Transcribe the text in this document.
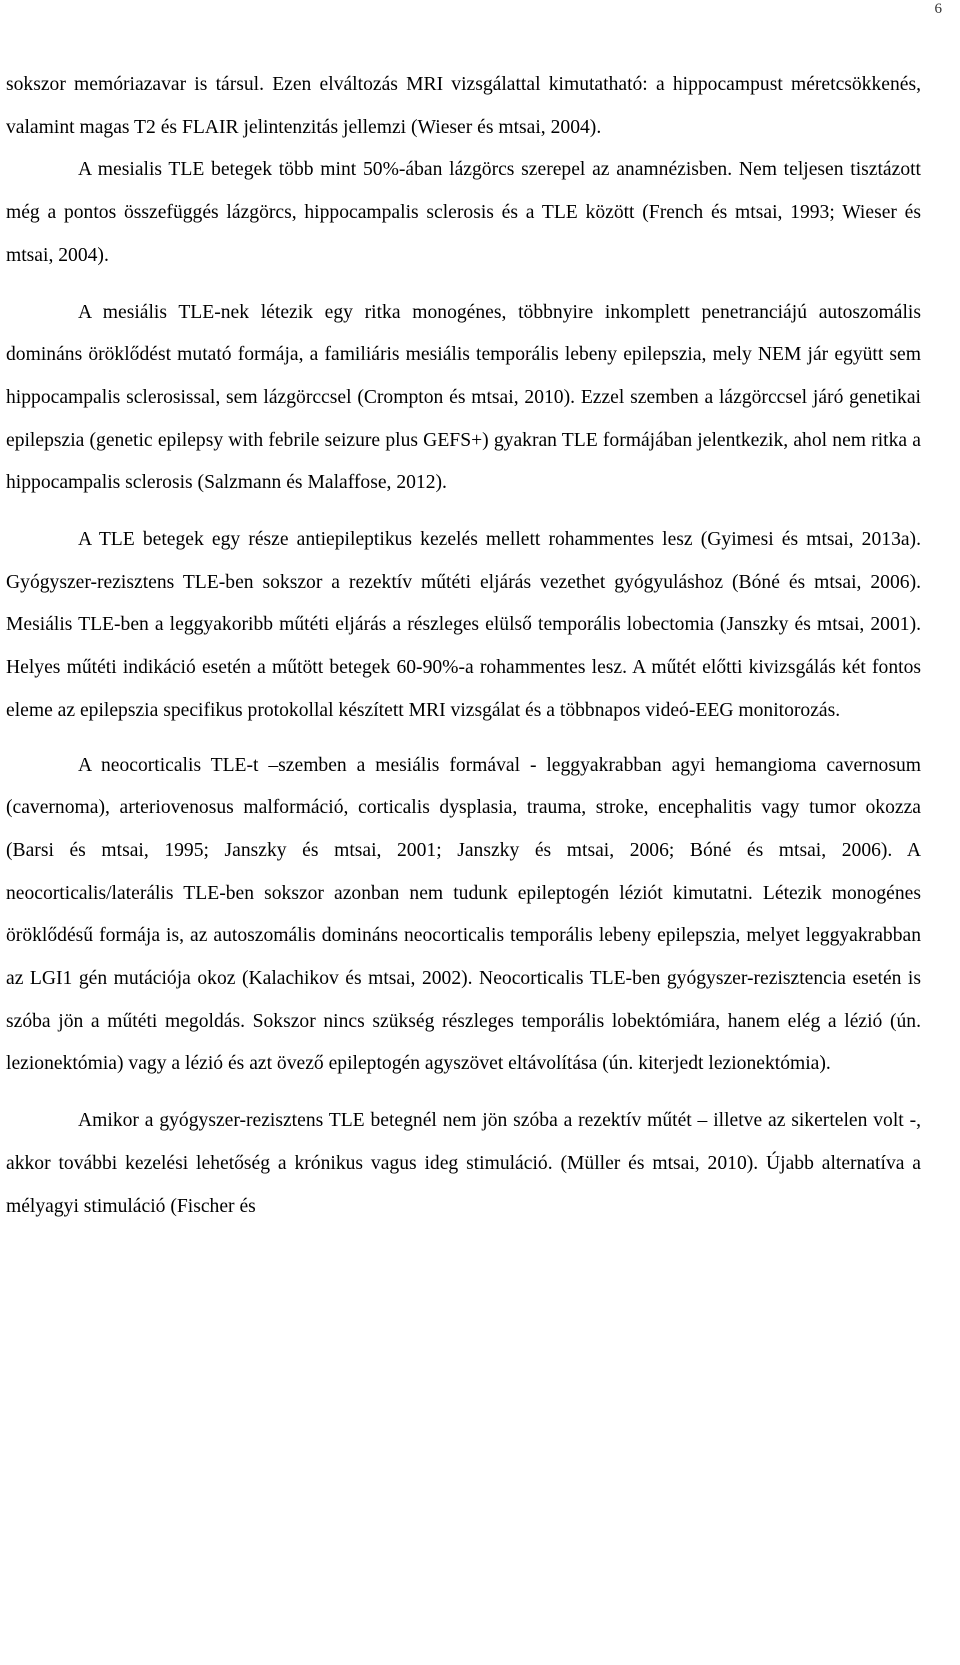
6

sokszor memóriazavar is társul. Ezen elváltozás MRI vizsgálattal kimutatható: a hippocampust méretcsökkenés, valamint magas T2 és FLAIR jelintenzitás jellemzi (Wieser és mtsai, 2004).

A mesialis TLE betegek több mint 50%-ában lázgörcs szerepel az anamnézisben. Nem teljesen tisztázott még a pontos összefüggés lázgörcs, hippocampalis sclerosis és a TLE között (French és mtsai, 1993; Wieser és mtsai, 2004).

A mesiális TLE-nek létezik egy ritka monogénes, többnyire inkomplett penetranciájú autoszomális domináns öröklődést mutató formája, a familiáris mesiális temporális lebeny epilepszia, mely NEM jár együtt sem hippocampalis sclerosissal, sem lázgörccsel (Crompton és mtsai, 2010). Ezzel szemben a lázgörccsel járó genetikai epilepszia (genetic epilepsy with febrile seizure plus GEFS+) gyakran TLE formájában jelentkezik, ahol nem ritka a hippocampalis sclerosis (Salzmann és Malaffose, 2012).

A TLE betegek egy része antiepileptikus kezelés mellett rohammentes lesz (Gyimesi és mtsai, 2013a). Gyógyszer-rezisztens TLE-ben sokszor a rezektív műtéti eljárás vezethet gyógyuláshoz (Bóné és mtsai, 2006). Mesiális TLE-ben a leggyakoribb műtéti eljárás a részleges elülső temporális lobectomia (Janszky és mtsai, 2001). Helyes műtéti indikáció esetén a műtött betegek 60-90%-a rohammentes lesz. A műtét előtti kivizsgálás két fontos eleme az epilepszia specifikus protokollal készített MRI vizsgálat és a többnapos videó-EEG monitorozás.

A neocorticalis TLE-t –szemben a mesiális formával - leggyakrabban agyi hemangioma cavernosum (cavernoma), arteriovenosus malformáció, corticalis dysplasia, trauma, stroke, encephalitis vagy tumor okozza (Barsi és mtsai, 1995; Janszky és mtsai, 2001; Janszky és mtsai, 2006; Bóné és mtsai, 2006). A neocorticalis/laterális TLE-ben sokszor azonban nem tudunk epileptogén léziót kimutatni. Létezik monogénes öröklődésű formája is, az autoszomális domináns neocorticalis temporális lebeny epilepszia, melyet leggyakrabban az LGI1 gén mutációja okoz (Kalachikov és mtsai, 2002). Neocorticalis TLE-ben gyógyszer-rezisztencia esetén is szóba jön a műtéti megoldás. Sokszor nincs szükség részleges temporális lobektómiára, hanem elég a lézió (ún. lezionektómia) vagy a lézió és azt övező epileptogén agyszövet eltávolítása (ún. kiterjedt lezionektómia).

Amikor a gyógyszer-rezisztens TLE betegnél nem jön szóba a rezektív műtét – illetve az sikertelen volt -, akkor további kezelési lehetőség a krónikus vagus ideg stimuláció. (Müller és mtsai, 2010). Újabb alternatíva a mélyagyi stimuláció (Fischer és
